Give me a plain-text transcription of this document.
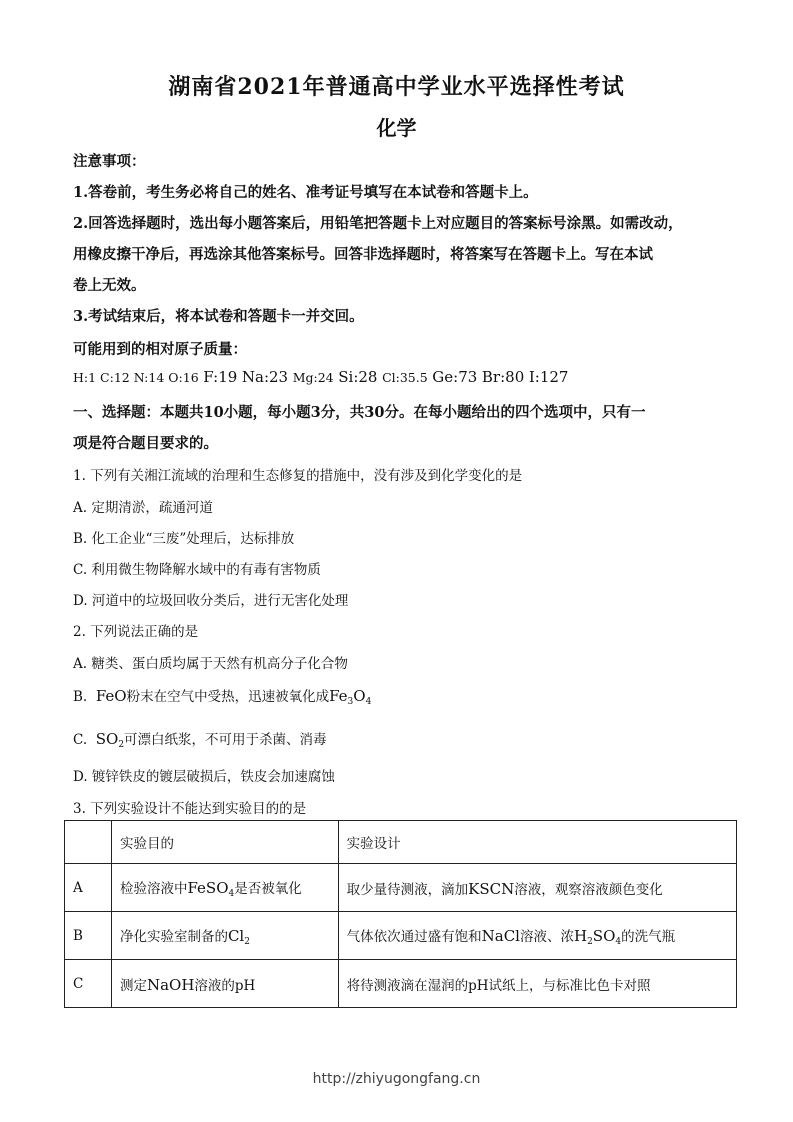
湖南省2021年普通高中学业水平选择性考试
化学
注意事项：
1.答卷前，考生务必将自己的姓名、准考证号填写在本试卷和答题卡上。
2.回答选择题时，选出每小题答案后，用铅笔把答题卡上对应题目的答案标号涂黑。如需改动，
用橡皮擦干净后，再选涂其他答案标号。回答非选择题时，将答案写在答题卡上。写在本试
卷上无效。
3.考试结束后，将本试卷和答题卡一并交回。
可能用到的相对原子质量：
H:1 C:12 N:14 O:16 F:19 Na:23 Mg:24 Si:28 Cl:35.5 Ge:73 Br:80 I:127
一、选择题：本题共10小题，每小题3分，共30分。在每小题给出的四个选项中，只有一
项是符合题目要求的。
1. 下列有关湘江流域的治理和生态修复的措施中，没有涉及到化学变化的是
A. 定期清淤，疏通河道
B. 化工企业“三废”处理后，达标排放
C. 利用微生物降解水域中的有毒有害物质
D. 河道中的垃圾回收分类后，进行无害化处理
2. 下列说法正确的是
A. 糖类、蛋白质均属于天然有机高分子化合物
B. FeO粉末在空气中受热，迅速被氧化成$Fe_3O_4$
C. $SO_2$可漂白纸浆，不可用于杀菌、消毒
D. 镀锌铁皮的镀层破损后，铁皮会加速腐蚀
3. 下列实验设计不能达到实验目的的是
	实验目的	实验设计
A	检验溶液中FeSO$_4$是否被氧化	取少量待测液，滴加KSCN溶液，观察溶液颜色变化
B	净化实验室制备的$Cl_2$	气体依次通过盛有饱和NaCl溶液、浓$H_2SO_4$的洗气瓶
C	测定NaOH溶液的pH	将待测液滴在湿润的pH试纸上，与标准比色卡对照
http://zhiyugongfang.cn
